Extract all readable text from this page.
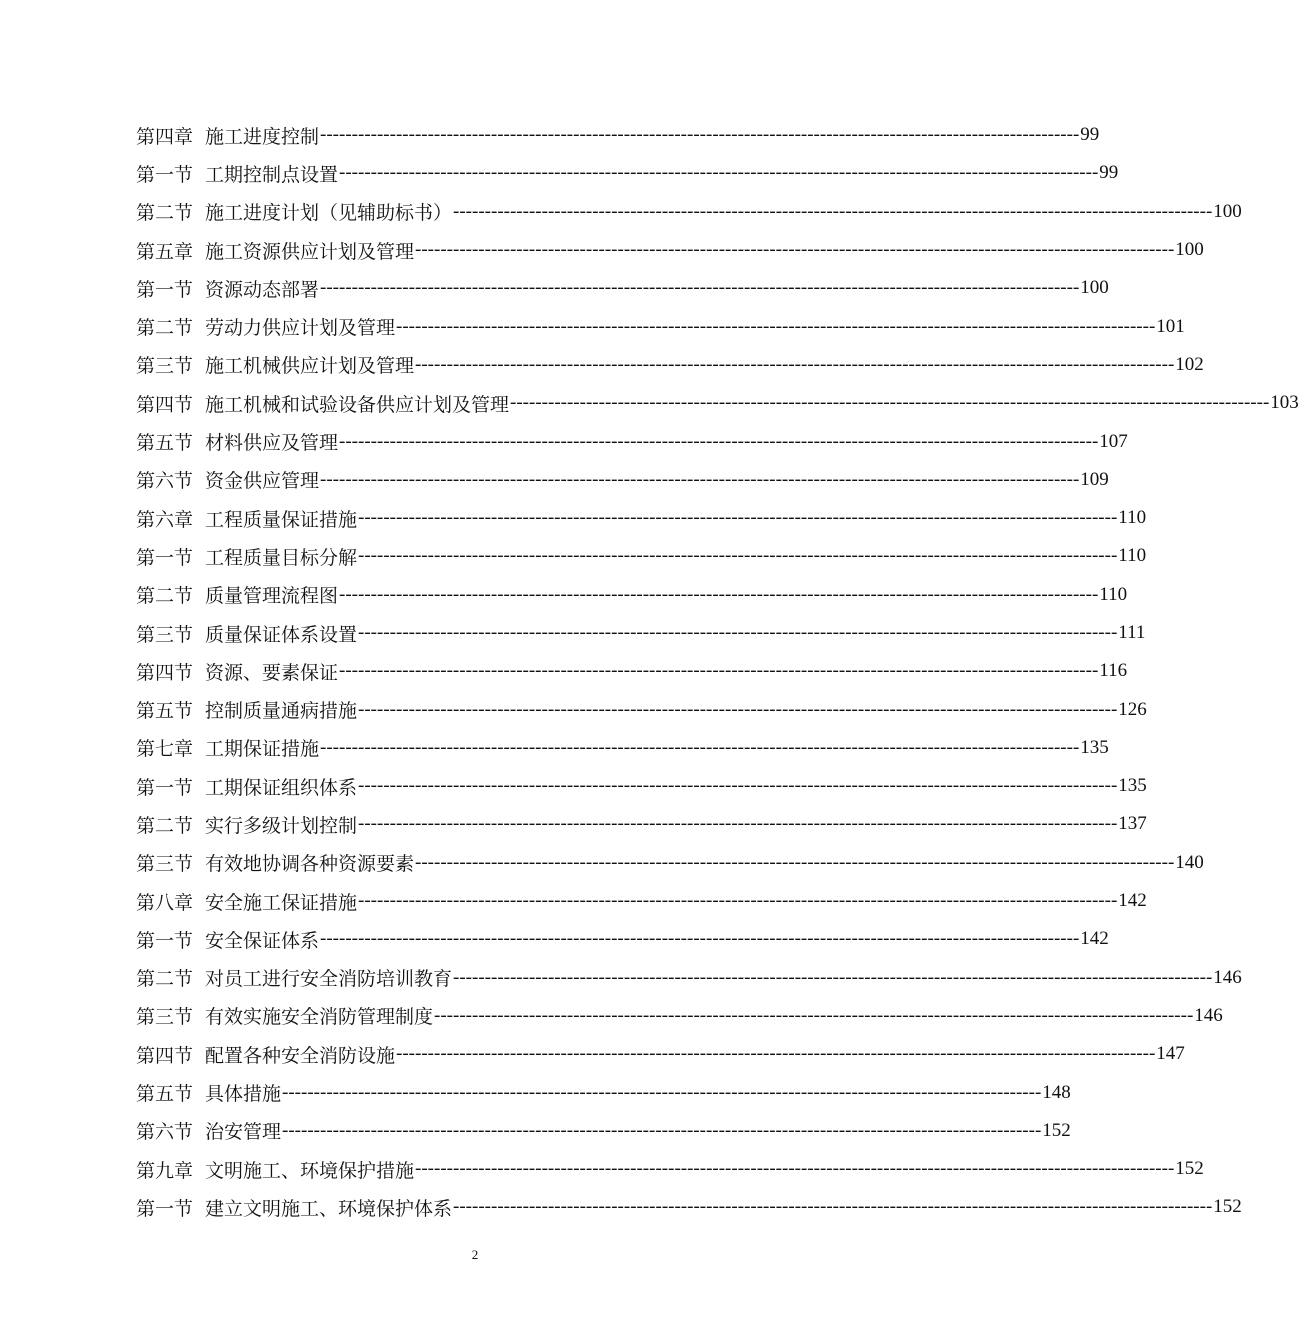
第四章 施工进度控制 ------------------------------------------------------------------------------------------------------------------------ 99
第一节 工期控制点设置 ------------------------------------------------------------------------------------------------------------------------ 99
第二节 施工进度计划（见辅助标书） ------------------------------------------------------------------------------------------------------------------------ 100
第五章 施工资源供应计划及管理 ------------------------------------------------------------------------------------------------------------------------ 100
第一节 资源动态部署 ------------------------------------------------------------------------------------------------------------------------ 100
第二节 劳动力供应计划及管理 ------------------------------------------------------------------------------------------------------------------------ 101
第三节 施工机械供应计划及管理 ------------------------------------------------------------------------------------------------------------------------ 102
第四节 施工机械和试验设备供应计划及管理 ------------------------------------------------------------------------------------------------------------------------ 103
第五节 材料供应及管理 ------------------------------------------------------------------------------------------------------------------------ 107
第六节 资金供应管理 ------------------------------------------------------------------------------------------------------------------------ 109
第六章 工程质量保证措施 ------------------------------------------------------------------------------------------------------------------------ 110
第一节 工程质量目标分解 ------------------------------------------------------------------------------------------------------------------------ 110
第二节 质量管理流程图 ------------------------------------------------------------------------------------------------------------------------ 110
第三节 质量保证体系设置 ------------------------------------------------------------------------------------------------------------------------ 111
第四节 资源、要素保证 ------------------------------------------------------------------------------------------------------------------------ 116
第五节 控制质量通病措施 ------------------------------------------------------------------------------------------------------------------------ 126
第七章 工期保证措施 ------------------------------------------------------------------------------------------------------------------------ 135
第一节 工期保证组织体系 ------------------------------------------------------------------------------------------------------------------------ 135
第二节 实行多级计划控制 ------------------------------------------------------------------------------------------------------------------------ 137
第三节 有效地协调各种资源要素 ------------------------------------------------------------------------------------------------------------------------ 140
第八章 安全施工保证措施 ------------------------------------------------------------------------------------------------------------------------ 142
第一节 安全保证体系 ------------------------------------------------------------------------------------------------------------------------ 142
第二节 对员工进行安全消防培训教育 ------------------------------------------------------------------------------------------------------------------------ 146
第三节 有效实施安全消防管理制度 ------------------------------------------------------------------------------------------------------------------------ 146
第四节 配置各种安全消防设施 ------------------------------------------------------------------------------------------------------------------------ 147
第五节 具体措施 ------------------------------------------------------------------------------------------------------------------------ 148
第六节 治安管理 ------------------------------------------------------------------------------------------------------------------------ 152
第九章 文明施工、环境保护措施 ------------------------------------------------------------------------------------------------------------------------ 152
第一节 建立文明施工、环境保护体系 ------------------------------------------------------------------------------------------------------------------------ 152
2
